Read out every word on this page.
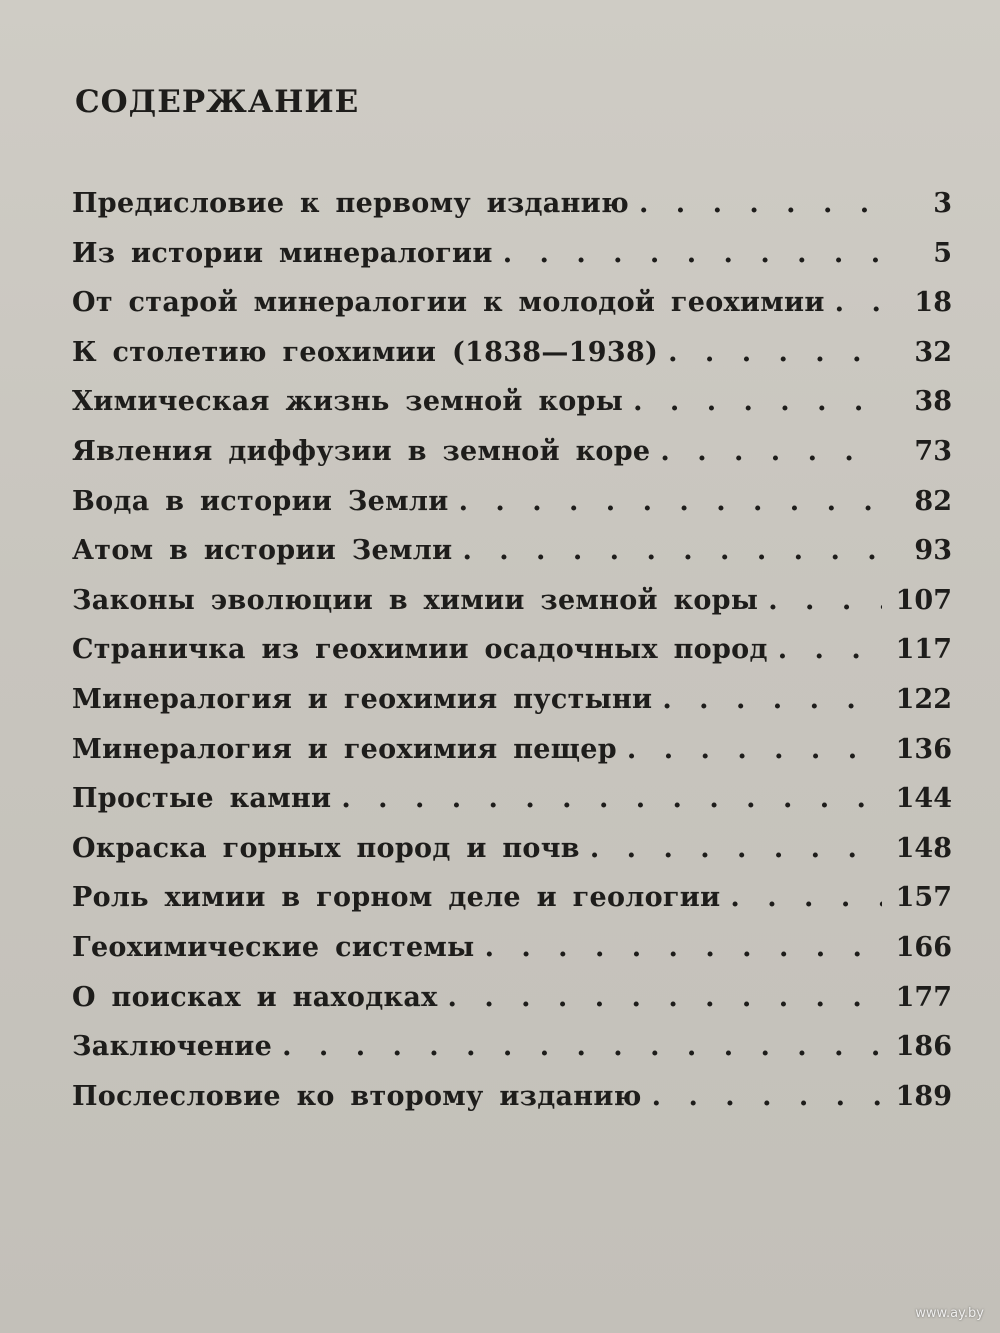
СОДЕРЖАНИЕ
Предисловие к первому изданию . . .	3
Из истории минералогии . . .	5
От старой минералогии к молодой геохимии . . .	18
К столетию геохимии (1838—1938) . . .	32
Химическая жизнь земной коры . . .	38
Явления диффузии в земной коре . . .	73
Вода в истории Земли . . .	82
Атом в истории Земли . . .	93
Законы эволюции в химии земной коры . . .	107
Страничка из геохимии осадочных пород . . .	117
Минералогия и геохимия пустыни . . .	122
Минералогия и геохимия пещер . . .	136
Простые камни . . .	144
Окраска горных пород и почв . . .	148
Роль химии в горном деле и геологии . . .	157
Геохимические системы . . .	166
О поисках и находках . . .	177
Заключение . . .	186
Послесловие ко второму изданию . . .	189
www.ay.by
